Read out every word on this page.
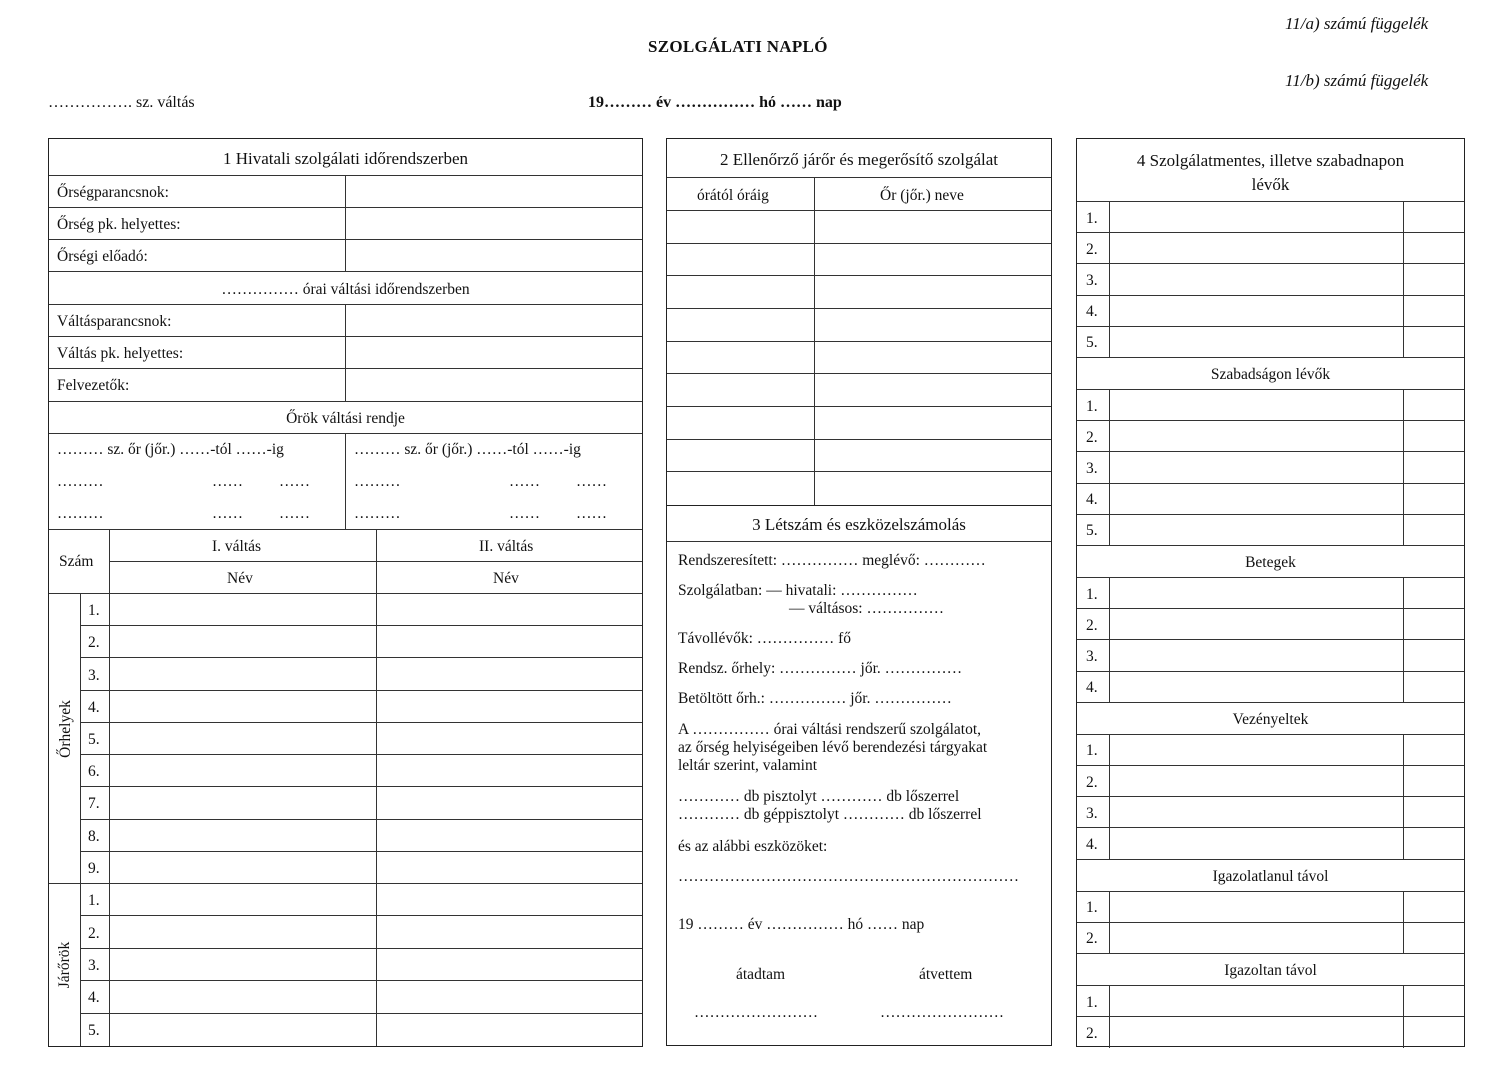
SZOLGÁLATI NAPLÓ
11/a) számú függelék
11/b) számú függelék
……………. sz. váltás	19……… év …………… hó …… nap
1 Hivatali szolgálati időrendszerben
Őrségparancsnok:
Őrség pk. helyettes:
Őrségi előadó:
…………… órai váltási időrendszerben
Váltásparancsnok:
Váltás pk. helyettes:
Felvezetők:
Őrök váltási rendje
……… sz. őr (jőr.) ……-tól ……-ig	……… sz. őr (jőr.) ……-tól ……-ig
………	…… ……	………	…… ……
………	…… ……	………	…… ……
Szám
I. váltás	II. váltás
Név	Név
Őrhelyek
1.
2.
3.
4.
5.
6.
7.
8.
9.
Járőrök
1.
2.
3.
4.
5.
2 Ellenőrző járőr és megerősítő szolgálat
órától óráig	Őr (jőr.) neve
3 Létszám és eszközelszámolás
Rendszeresített: …………… meglévő: …………
Szolgálatban: — hivatali: ……………
— váltásos: ……………
Távollévők: …………… fő
Rendsz. őrhely: …………… jőr. ……………
Betöltött őrh.: …………… jőr. ……………
A …………… órai váltási rendszerű szolgálatot,
az őrség helyiségeiben lévő berendezési tárgyakat
leltár szerint, valamint
………… db pisztolyt ………… db lőszerrel
………… db géppisztolyt ………… db lőszerrel
és az alábbi eszközöket:
…………………………………………………………
19 ……… év …………… hó …… nap
átadtam	átvettem
……………………	……………………
4 Szolgálatmentes, illetve szabadnapon
lévők
1.
2.
3.
4.
5.
Szabadságon lévők
1.
2.
3.
4.
5.
Betegek
1.
2.
3.
4.
Vezényeltek
1.
2.
3.
4.
Igazolatlanul távol
1.
2.
Igazoltan távol
1.
2.
